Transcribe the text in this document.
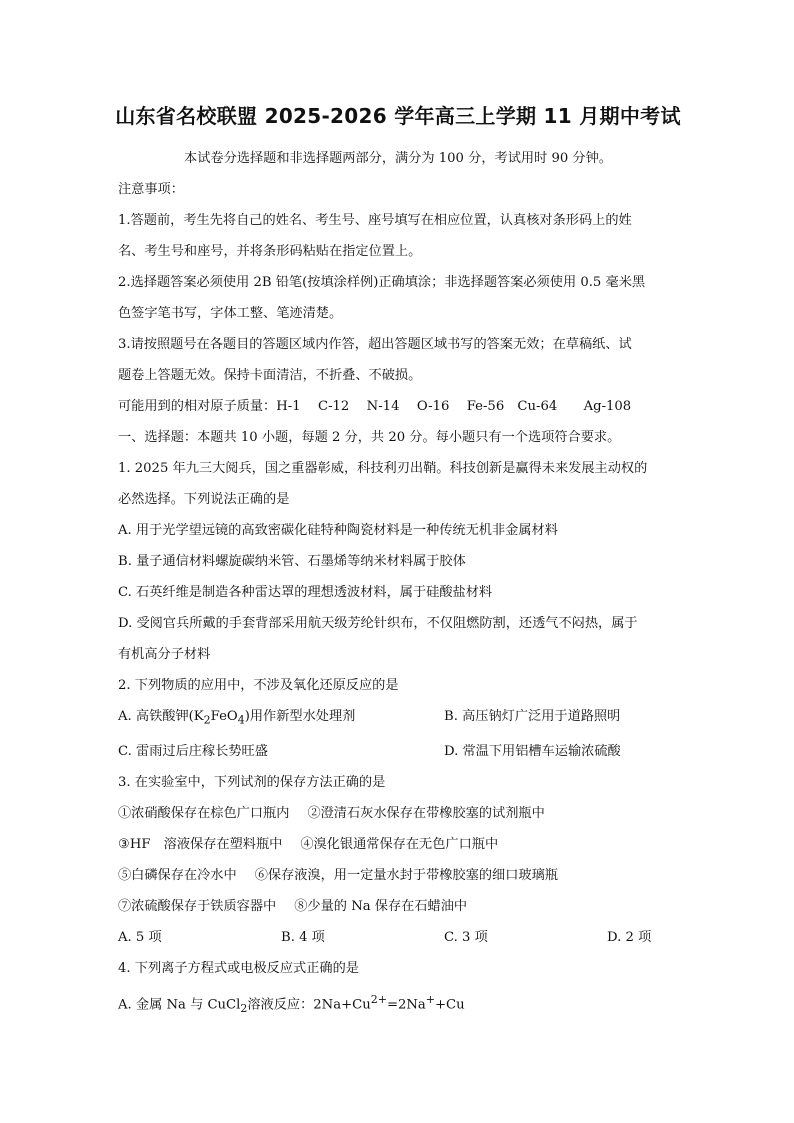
山东省名校联盟 2025-2026 学年高三上学期 11 月期中考试
本试卷分选择题和非选择题两部分，满分为 100 分，考试用时 90 分钟。
注意事项：
1.答题前，考生先将自己的姓名、考生号、座号填写在相应位置，认真核对条形码上的姓
名、考生号和座号，并将条形码粘贴在指定位置上。
2.选择题答案必须使用 2B 铅笔(按填涂样例)正确填涂；非选择题答案必须使用 0.5 毫米黑
色签字笔书写，字体工整、笔迹清楚。
3.请按照题号在各题目的答题区域内作答，超出答题区域书写的答案无效；在草稿纸、试
题卷上答题无效。保持卡面清洁，不折叠、不破损。
可能用到的相对原子质量：H-1　 C-12　 N-14　 O-16　 Fe-56　Cu-64　　Ag-108
一、选择题：本题共 10 小题，每题 2 分，共 20 分。每小题只有一个选项符合要求。
1. 2025 年九三大阅兵，国之重器彰威，科技利刃出鞘。科技创新是赢得未来发展主动权的
必然选择。下列说法正确的是
A. 用于光学望远镜的高致密碳化硅特种陶瓷材料是一种传统无机非金属材料
B. 量子通信材料螺旋碳纳米管、石墨烯等纳米材料属于胶体
C. 石英纤维是制造各种雷达罩的理想透波材料，属于硅酸盐材料
D. 受阅官兵所戴的手套背部采用航天级芳纶针织布，不仅阻燃防割，还透气不闷热，属于
有机高分子材料
2. 下列物质的应用中，不涉及氧化还原反应的是
A. 高铁酸钾$(K_2FeO_4)$用作新型水处理剂	B. 高压钠灯广泛用于道路照明
C. 雷雨过后庄稼长势旺盛	D. 常温下用铝槽车运输浓硫酸
3. 在实验室中，下列试剂的保存方法正确的是
①浓硝酸保存在棕色广口瓶内 ②澄清石灰水保存在带橡胶塞的试剂瓶中
③HF　溶液保存在塑料瓶中 ④溴化银通常保存在无色广口瓶中
⑤白磷保存在冷水中 ⑥保存液溴，用一定量水封于带橡胶塞的细口玻璃瓶
⑦浓硫酸保存于铁质容器中 ⑧少量的 Na 保存在石蜡油中
A. 5 项	B. 4 项	C. 3 项	D. 2 项
4. 下列离子方程式或电极反应式正确的是
A. 金属 Na 与 CuCl$_2$溶液反应：$2Na+Cu^{2+}=2Na^++Cu$
